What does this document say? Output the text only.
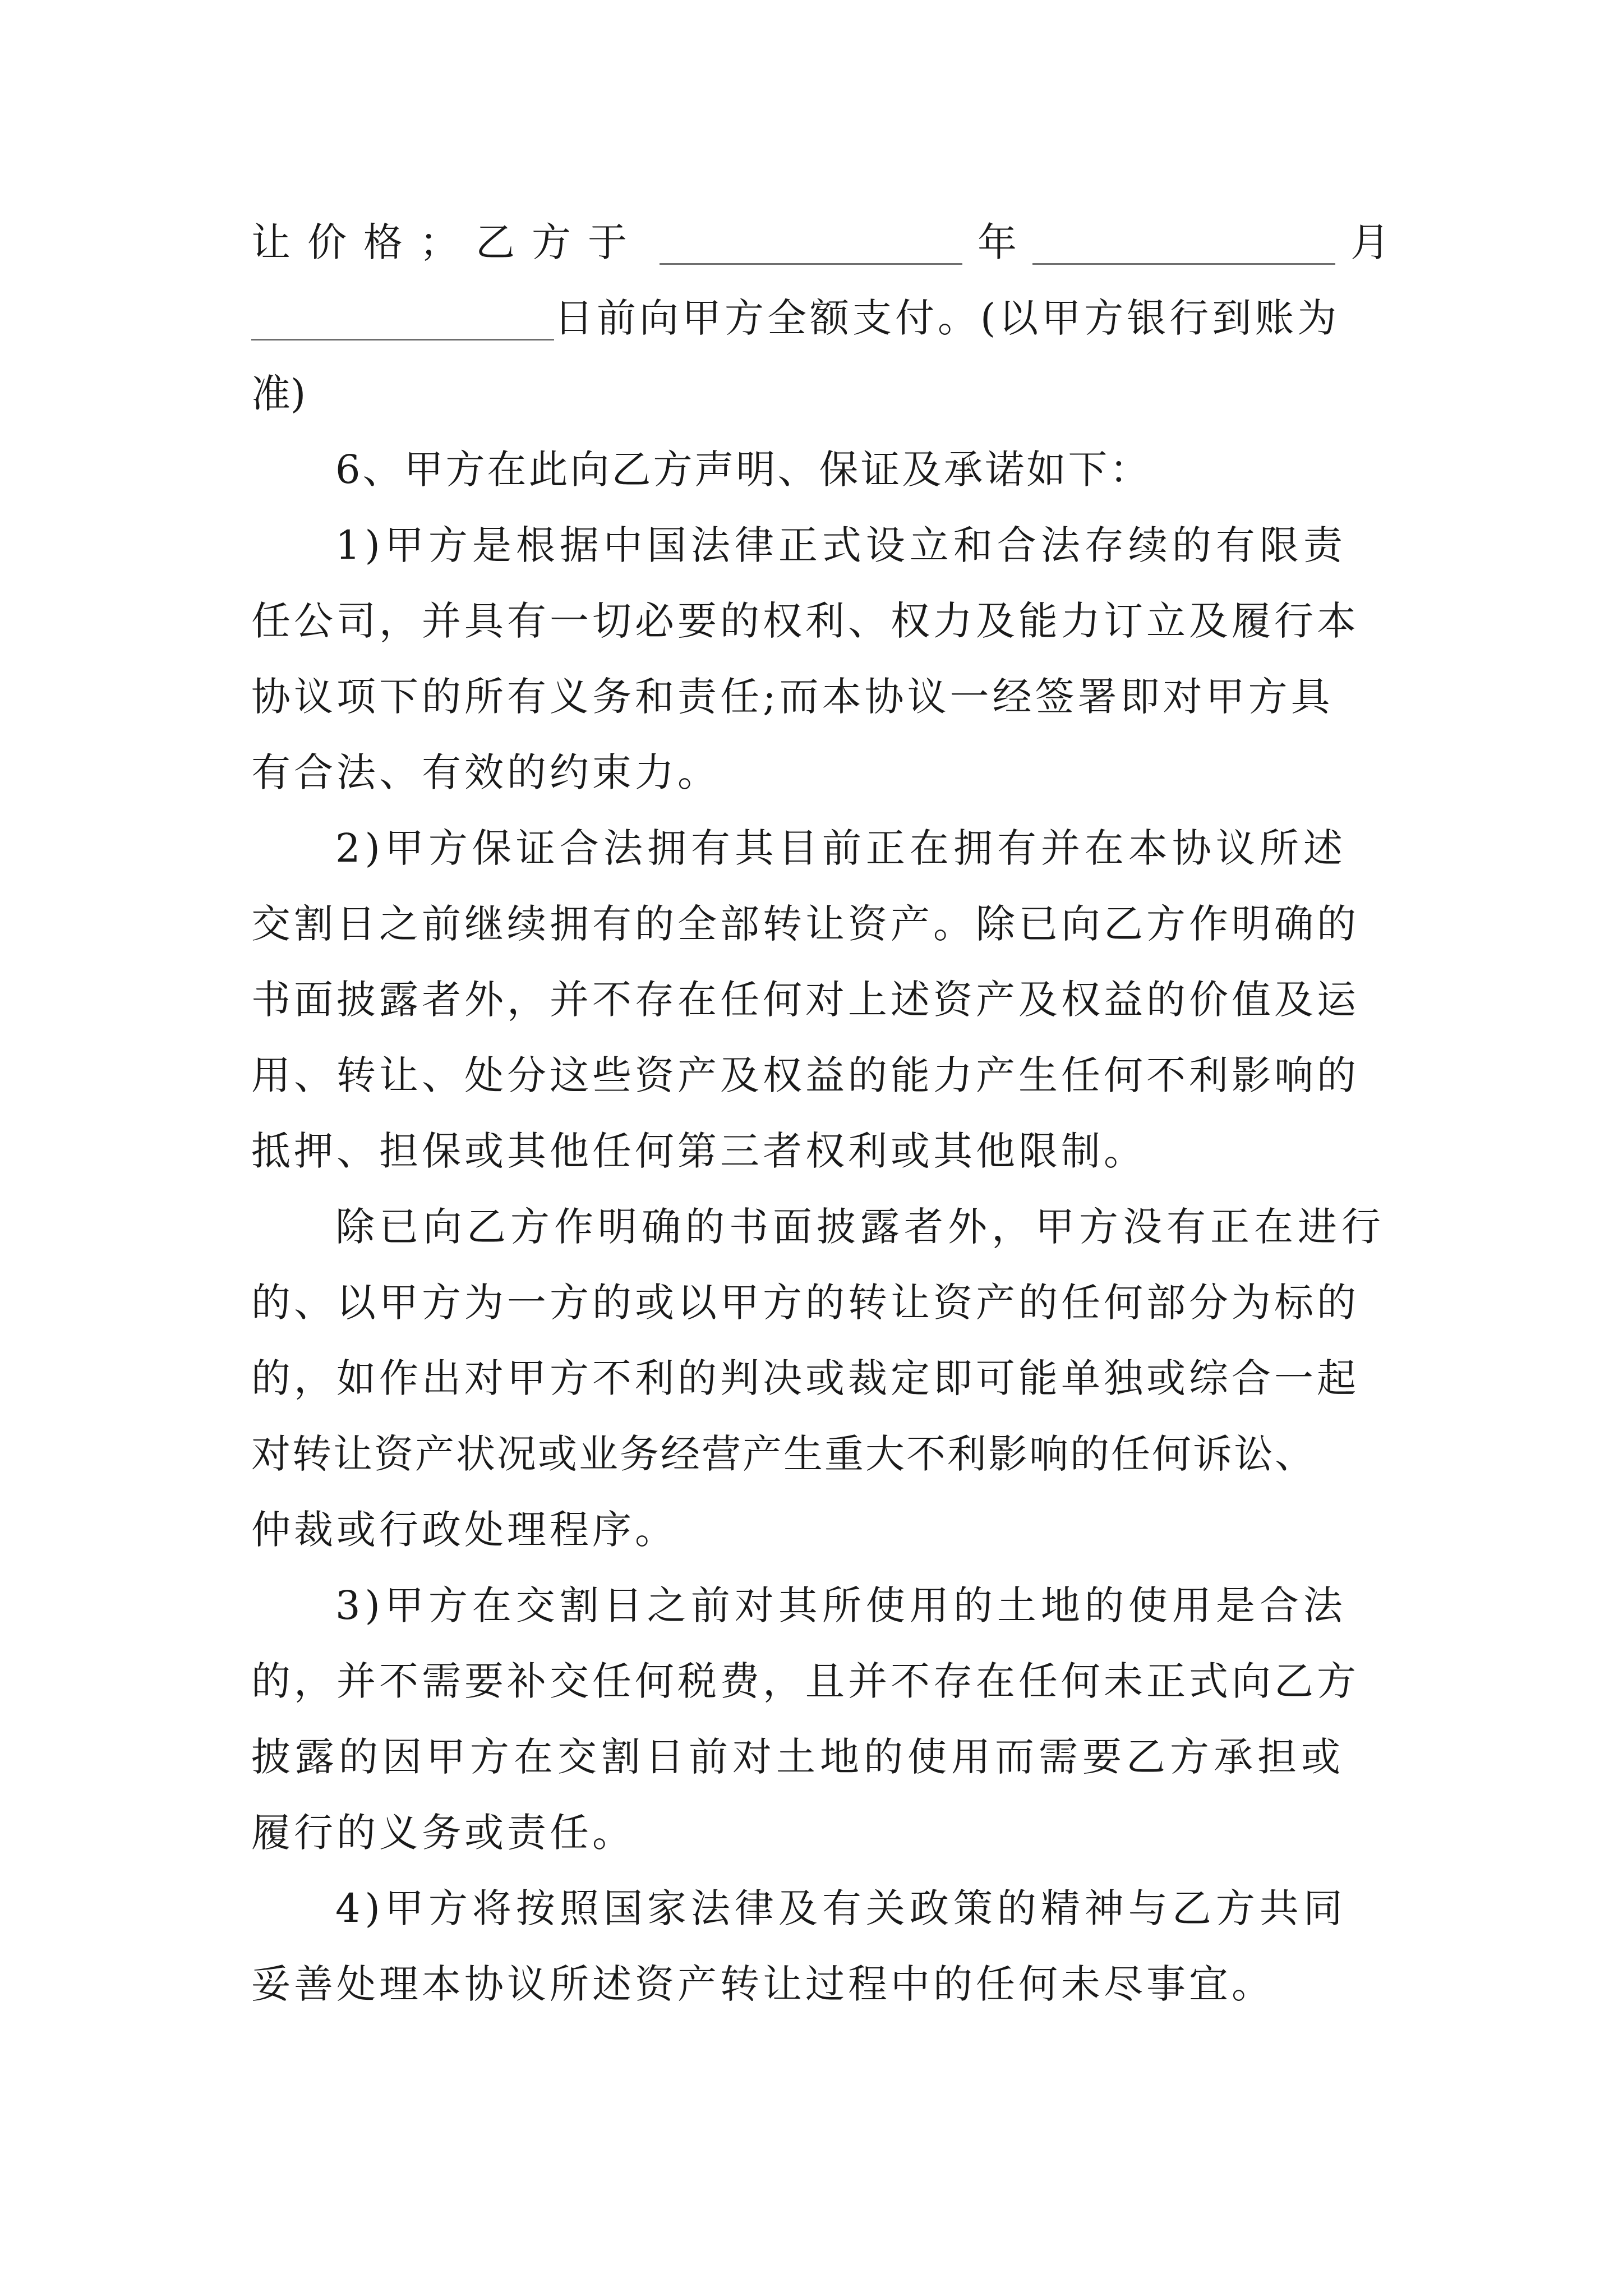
让价格；乙方于	年	月
日前向甲方全额支付。(以甲方银行到账为
准)
6、甲方在此向乙方声明、保证及承诺如下：
1)甲方是根据中国法律正式设立和合法存续的有限责
任公司，并具有一切必要的权利、权力及能力订立及履行本
协议项下的所有义务和责任;而本协议一经签署即对甲方具
有合法、有效的约束力。
2)甲方保证合法拥有其目前正在拥有并在本协议所述
交割日之前继续拥有的全部转让资产。除已向乙方作明确的
书面披露者外，并不存在任何对上述资产及权益的价值及运
用、转让、处分这些资产及权益的能力产生任何不利影响的
抵押、担保或其他任何第三者权利或其他限制。
除已向乙方作明确的书面披露者外，甲方没有正在进行
的、以甲方为一方的或以甲方的转让资产的任何部分为标的
的，如作出对甲方不利的判决或裁定即可能单独或综合一起
对转让资产状况或业务经营产生重大不利影响的任何诉讼、
仲裁或行政处理程序。
3)甲方在交割日之前对其所使用的土地的使用是合法
的，并不需要补交任何税费，且并不存在任何未正式向乙方
披露的因甲方在交割日前对土地的使用而需要乙方承担或
履行的义务或责任。
4)甲方将按照国家法律及有关政策的精神与乙方共同
妥善处理本协议所述资产转让过程中的任何未尽事宜。
